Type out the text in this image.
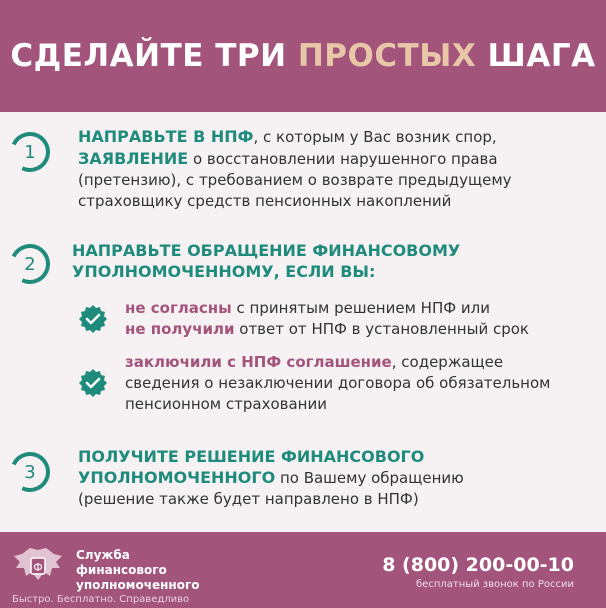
СДЕЛАЙТЕ ТРИ ПРОСТЫХ ШАГА
1
НАПРАВЬТЕ В НПФ, с которым у Вас возник спор,
ЗАЯВЛЕНИЕ о восстановлении нарушенного права
(претензию), с требованием о возврате предыдущему
страховщику средств пенсионных накоплений
2
НАПРАВЬТЕ ОБРАЩЕНИЕ ФИНАНСОВОМУ
УПОЛНОМОЧЕННОМУ, ЕСЛИ ВЫ:
не согласны с принятым решением НПФ или
не получили ответ от НПФ в установленный срок
заключили с НПФ соглашение, содержащее
сведения о незаключении договора об обязательном
пенсионном страховании
3
ПОЛУЧИТЕ РЕШЕНИЕ ФИНАНСОВОГО
УПОЛНОМОЧЕННОГО по Вашему обращению
(решение также будет направлено в НПФ)
Ф
Служба
финансового
уполномоченного
Быстро. Бесплатно. Справедливо
8 (800) 200-00-10
бесплатный звонок по России
